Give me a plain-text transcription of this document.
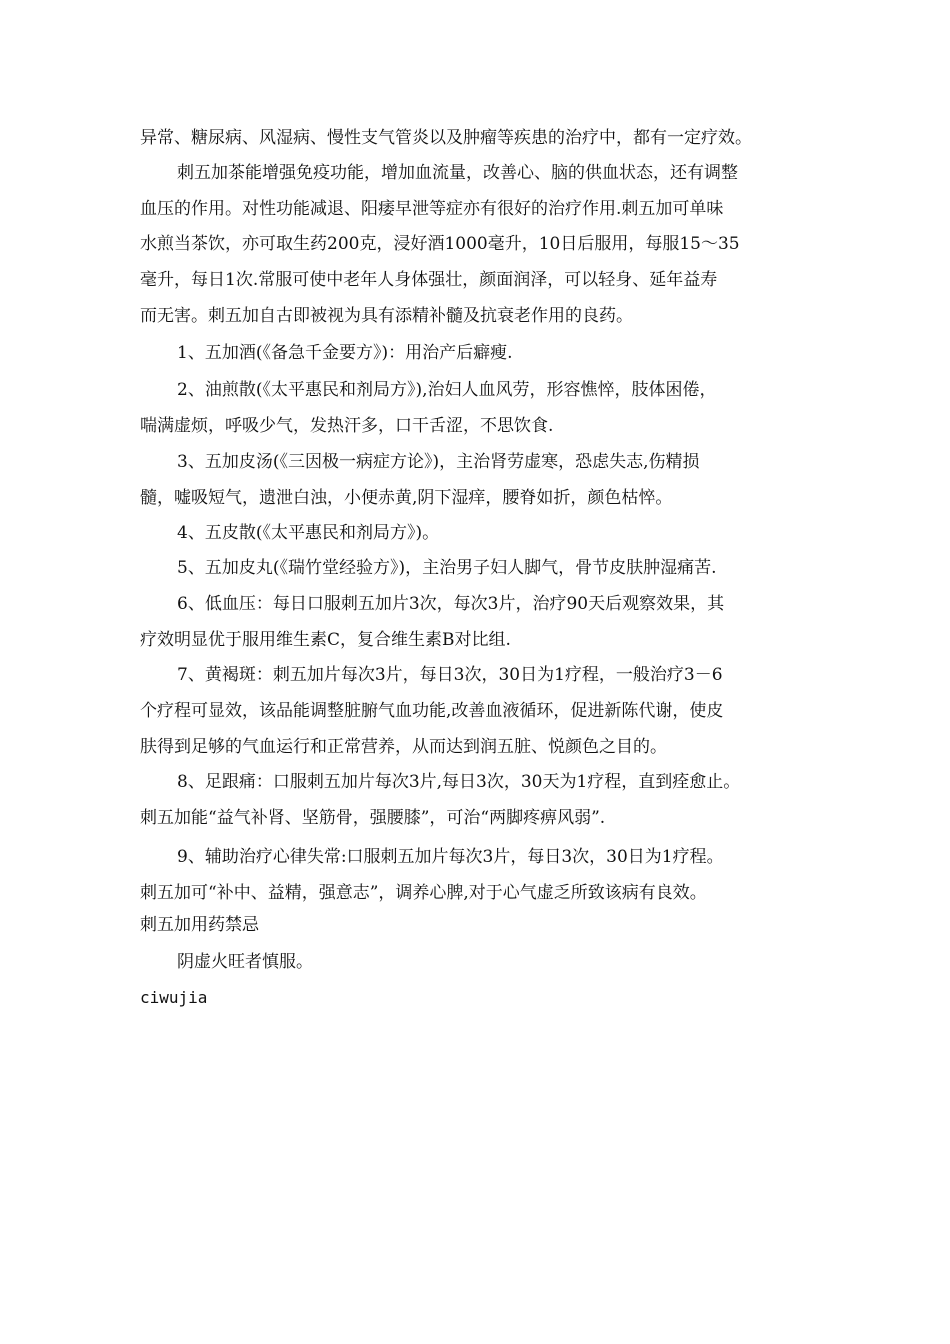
异常、糖尿病、风湿病、慢性支气管炎以及肿瘤等疾患的治疗中，都有一定疗效。
刺五加茶能增强免疫功能，增加血流量，改善心、脑的供血状态，还有调整
血压的作用。对性功能减退、阳痿早泄等症亦有很好的治疗作用.刺五加可单味
水煎当茶饮，亦可取生药200克，浸好酒1000毫升，10日后服用，每服15～35
毫升，每日1次.常服可使中老年人身体强壮，颜面润泽，可以轻身、延年益寿
而无害。刺五加自古即被视为具有添精补髓及抗衰老作用的良药。
1、五加酒(《备急千金要方》)：用治产后癖瘦.
2、油煎散(《太平惠民和剂局方》),治妇人血风劳，形容憔悴，肢体困倦，
喘满虚烦，呼吸少气，发热汗多，口干舌涩，不思饮食.
3、五加皮汤(《三因极一病症方论》)，主治肾劳虚寒，恐虑失志,伤精损
髓，嘘吸短气，遗泄白浊，小便赤黄,阴下湿痒，腰脊如折，颜色枯悴。
4、五皮散(《太平惠民和剂局方》)。
5、五加皮丸(《瑞竹堂经验方》)，主治男子妇人脚气，骨节皮肤肿湿痛苦.
6、低血压：每日口服刺五加片3次，每次3片，治疗90天后观察效果，其
疗效明显优于服用维生素C，复合维生素B对比组.
7、黄褐斑：刺五加片每次3片，每日3次，30日为1疗程，一般治疗3－6
个疗程可显效，该品能调整脏腑气血功能,改善血液循环，促进新陈代谢，使皮
肤得到足够的气血运行和正常营养，从而达到润五脏、悦颜色之目的。
8、足跟痛：口服刺五加片每次3片,每日3次，30天为1疗程，直到痊愈止。
刺五加能“益气补肾、坚筋骨，强腰膝”，可治“两脚疼痹风弱”.
9、辅助治疗心律失常:口服刺五加片每次3片，每日3次，30日为1疗程。
刺五加可“补中、益精，强意志”，调养心脾,对于心气虚乏所致该病有良效。
刺五加用药禁忌
阴虚火旺者慎服。
ciwujia
